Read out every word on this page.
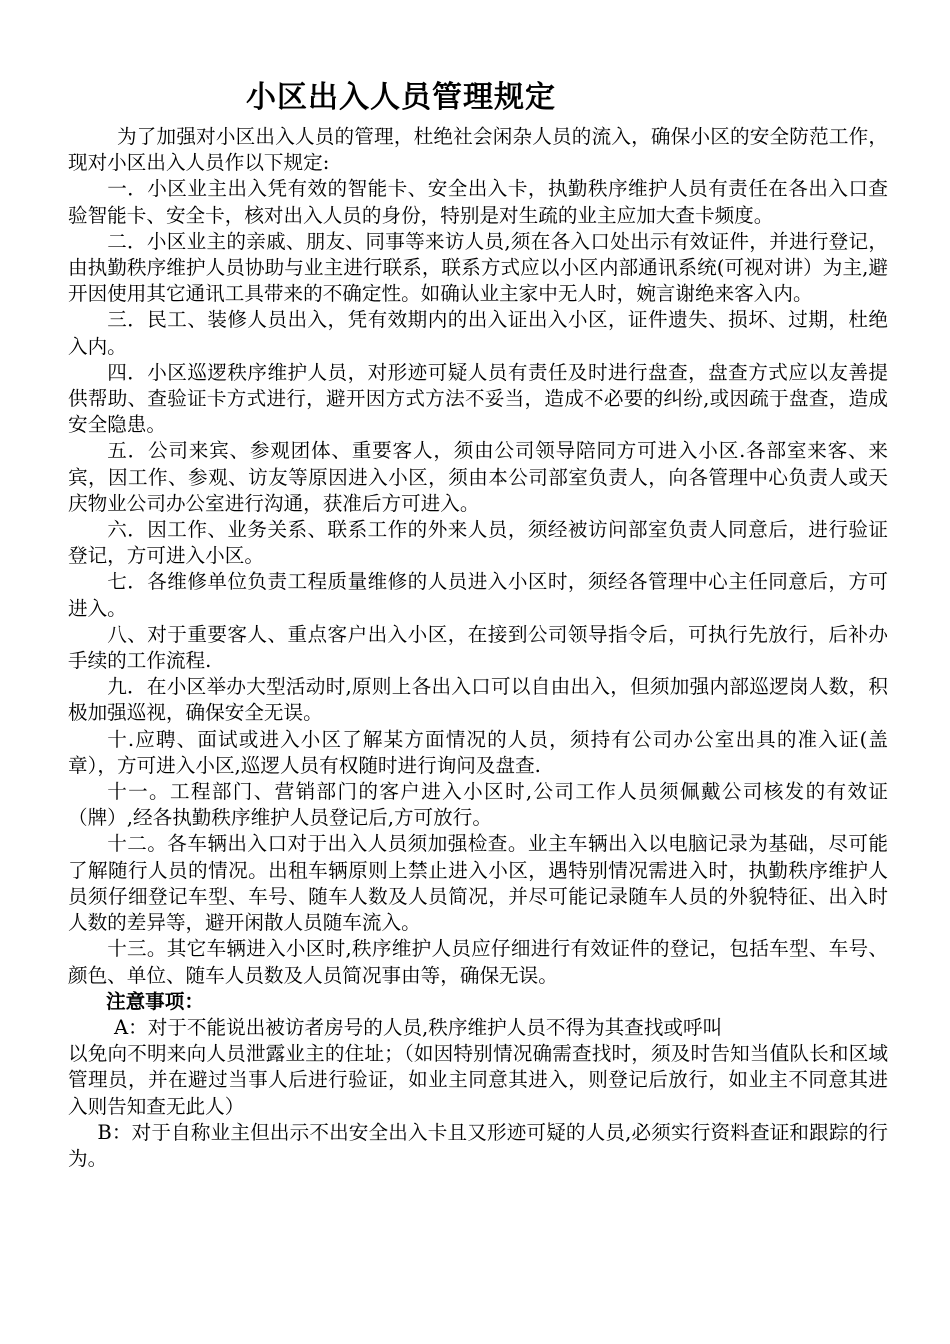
小区出入人员管理规定

为了加强对小区出入人员的管理，杜绝社会闲杂人员的流入，确保小区的安全防范工作，现对小区出入人员作以下规定:

一．小区业主出入凭有效的智能卡、安全出入卡，执勤秩序维护人员有责任在各出入口查验智能卡、安全卡，核对出入人员的身份，特别是对生疏的业主应加大查卡频度。

二．小区业主的亲戚、朋友、同事等来访人员,须在各入口处出示有效证件，并进行登记，由执勤秩序维护人员协助与业主进行联系，联系方式应以小区内部通讯系统(可视对讲）为主,避开因使用其它通讯工具带来的不确定性。如确认业主家中无人时，婉言谢绝来客入内。

三．民工、装修人员出入，凭有效期内的出入证出入小区，证件遗失、损坏、过期，杜绝入内。

四．小区巡逻秩序维护人员，对形迹可疑人员有责任及时进行盘查，盘查方式应以友善提供帮助、查验证卡方式进行，避开因方式方法不妥当，造成不必要的纠纷,或因疏于盘查，造成安全隐患。

五．公司来宾、参观团体、重要客人，须由公司领导陪同方可进入小区.各部室来客、来宾，因工作、参观、访友等原因进入小区，须由本公司部室负责人，向各管理中心负责人或天庆物业公司办公室进行沟通，获准后方可进入。

六．因工作、业务关系、联系工作的外来人员，须经被访问部室负责人同意后，进行验证登记，方可进入小区。

七．各维修单位负责工程质量维修的人员进入小区时，须经各管理中心主任同意后，方可进入。

八、对于重要客人、重点客户出入小区，在接到公司领导指令后，可执行先放行，后补办手续的工作流程.

九．在小区举办大型活动时,原则上各出入口可以自由出入，但须加强内部巡逻岗人数，积极加强巡视，确保安全无误。

十.应聘、面试或进入小区了解某方面情况的人员，须持有公司办公室出具的准入证(盖章），方可进入小区,巡逻人员有权随时进行询问及盘查.

十一。工程部门、营销部门的客户进入小区时,公司工作人员须佩戴公司核发的有效证（牌）,经各执勤秩序维护人员登记后,方可放行。

十二。各车辆出入口对于出入人员须加强检查。业主车辆出入以电脑记录为基础，尽可能了解随行人员的情况。出租车辆原则上禁止进入小区，遇特别情况需进入时，执勤秩序维护人员须仔细登记车型、车号、随车人数及人员简况，并尽可能记录随车人员的外貌特征、出入时人数的差异等，避开闲散人员随车流入。

十三。其它车辆进入小区时,秩序维护人员应仔细进行有效证件的登记，包括车型、车号、颜色、单位、随车人员数及人员简况事由等，确保无误。

注意事项：

A：对于不能说出被访者房号的人员,秩序维护人员不得为其查找或呼叫

以免向不明来向人员泄露业主的住址；（如因特别情况确需查找时，须及时告知当值队长和区域管理员，并在避过当事人后进行验证，如业主同意其进入，则登记后放行，如业主不同意其进入则告知查无此人）

B：对于自称业主但出示不出安全出入卡且又形迹可疑的人员,必须实行资料查证和跟踪的行为。
